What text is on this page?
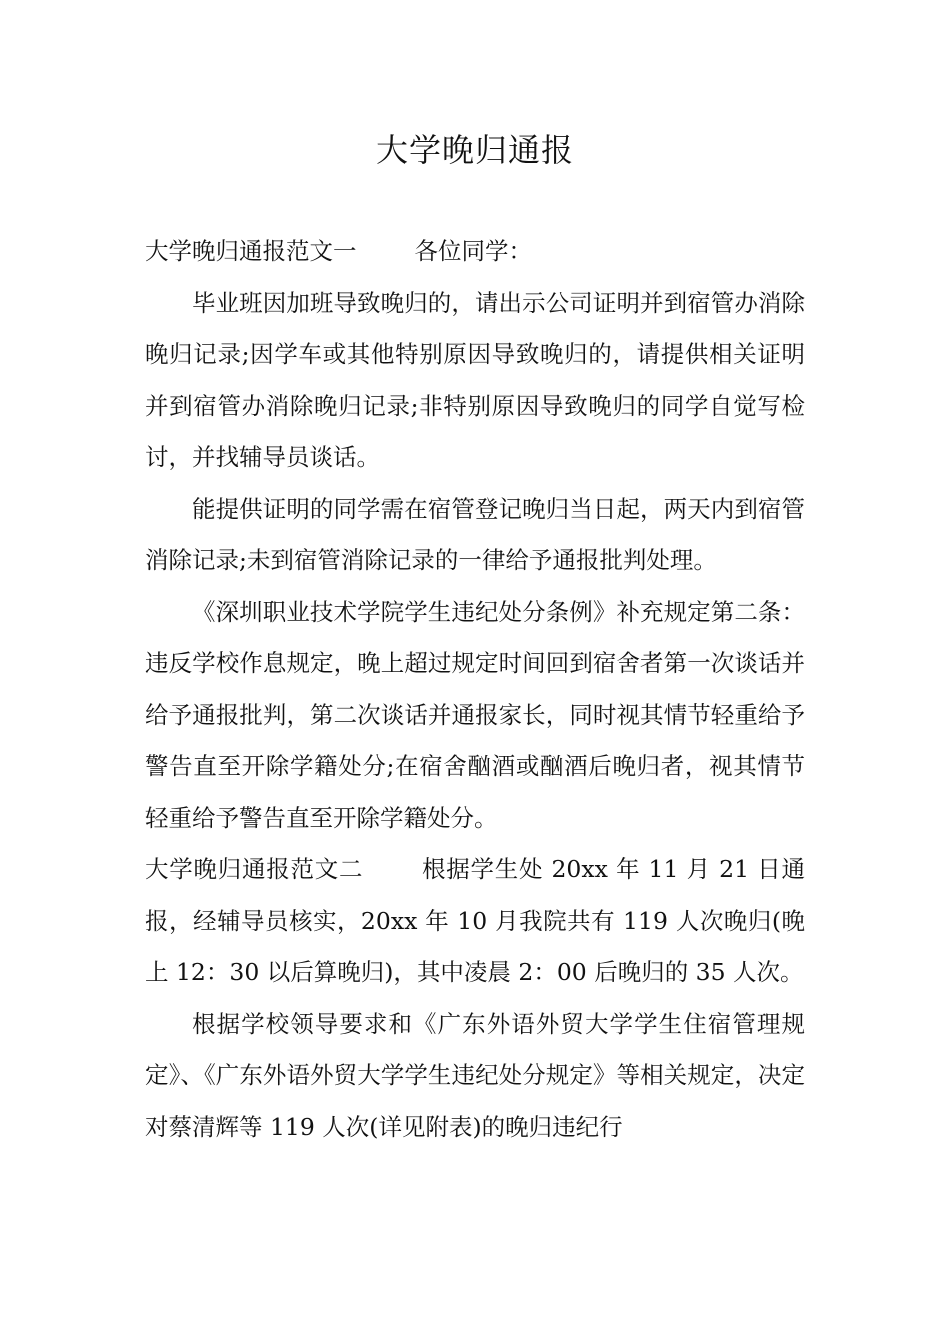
大学晚归通报

大学晚归通报范文一 各位同学：

毕业班因加班导致晚归的，请出示公司证明并到宿管办消除晚归记录;因学车或其他特别原因导致晚归的，请提供相关证明并到宿管办消除晚归记录;非特别原因导致晚归的同学自觉写检讨，并找辅导员谈话。

能提供证明的同学需在宿管登记晚归当日起，两天内到宿管消除记录;未到宿管消除记录的一律给予通报批判处理。

《深圳职业技术学院学生违纪处分条例》补充规定第二条：违反学校作息规定，晚上超过规定时间回到宿舍者第一次谈话并给予通报批判，第二次谈话并通报家长，同时视其情节轻重给予警告直至开除学籍处分;在宿舍酗酒或酗酒后晚归者，视其情节轻重给予警告直至开除学籍处分。

大学晚归通报范文二 根据学生处 20xx 年 11 月 21 日通报，经辅导员核实，20xx 年 10 月我院共有 119 人次晚归(晚上 12：30 以后算晚归)，其中凌晨 2：00 后晚归的 35 人次。

根据学校领导要求和《广东外语外贸大学学生住宿管理规定》、《广东外语外贸大学学生违纪处分规定》等相关规定，决定对蔡清辉等 119 人次(详见附表)的晚归违纪行
